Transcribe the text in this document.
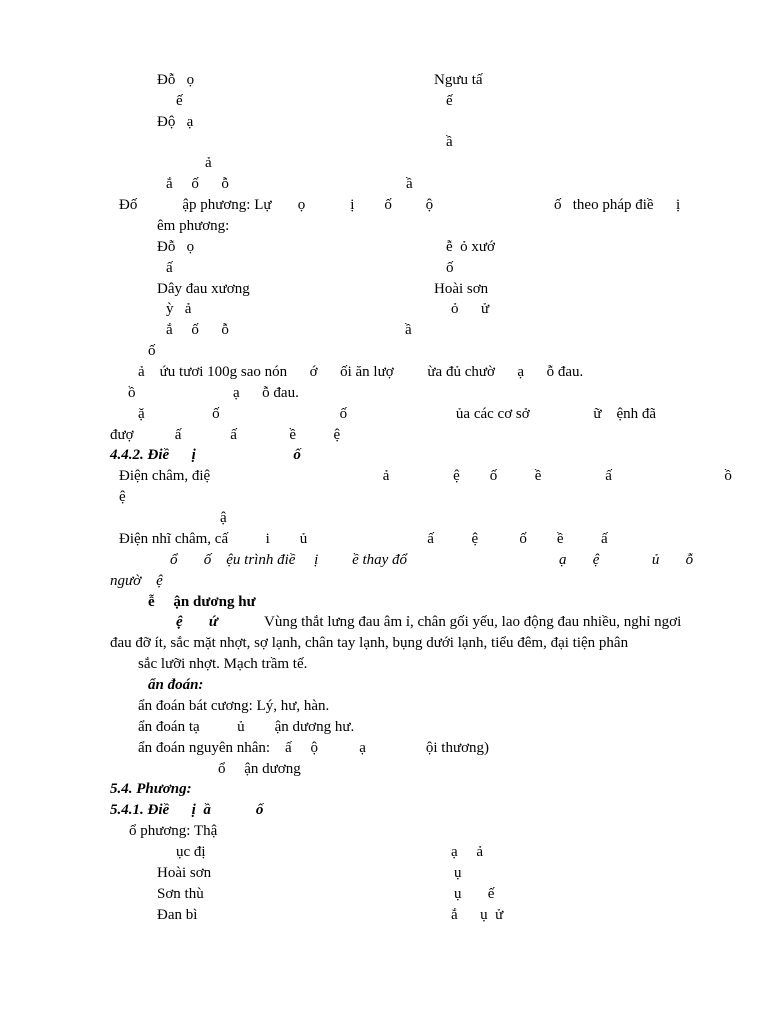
Đỗ   ọ	Ngưu tấ
ế	ế
Độ   ạ
ầ
ả
ắ     ố      ỗ	ầ
Đố            ập phương: Lự       ọ            ị        ố         ộ	ố   theo pháp điề      ị
êm phương:
Đỗ   ọ	ễ  ỏ xướ
ấ	ố
Dây đau xương	Hoài sơn
ỳ   ả	ỏ      ử
ắ     ố      ỗ	ầ
ố
ả    ứu tươi 100g sao nón      ớ      ối ăn lượ         ừa đủ chườ      ạ      ỗ đau.
ồ                          ạ      ỗ đau.
ặ                  ố                                ố                             ủa các cơ sở                 ữ    ệnh đã
đượ           ấ             ấ              ề          ệ
4.4.2. Điề      ị                          ố
Điện châm, điệ                                              ả                 ệ        ố          ề                 ấ                              ồ
ệ
ậ
Điện nhĩ châm, cấ          i        ủ                                ấ          ệ           ố        ề          ấ
ổ       ố    ệu trình điề     ị         ề thay đổ	ạ       ệ              ủ       ỗ
ngườ    ệ
ễ     ận dương hư
ệ       ứ	Vùng thắt lưng đau âm ỉ, chân gối yếu, lao động đau nhiều, nghỉ ngơi
đau đỡ ít, sắc mặt nhợt, sợ lạnh, chân tay lạnh, bụng dưới lạnh, tiểu đêm, đại tiện phân
sắc lưỡi nhợt. Mạch trầm tế.
ẩn đoán:
ẩn đoán bát cương: Lý, hư, hàn.
ẩn đoán tạ          ủ        ận dương hư.
ẩn đoán nguyên nhân:    ấ     ộ           ạ                ội thương)
ổ     ận dương
5.4. Phương:
5.4.1. Điề      ị  ầ            ố
ổ phương: Thậ
ục đị	ạ     ả
Hoài sơn	ụ
Sơn thù	ụ       ế
Đan bì	ắ      ụ  ử
